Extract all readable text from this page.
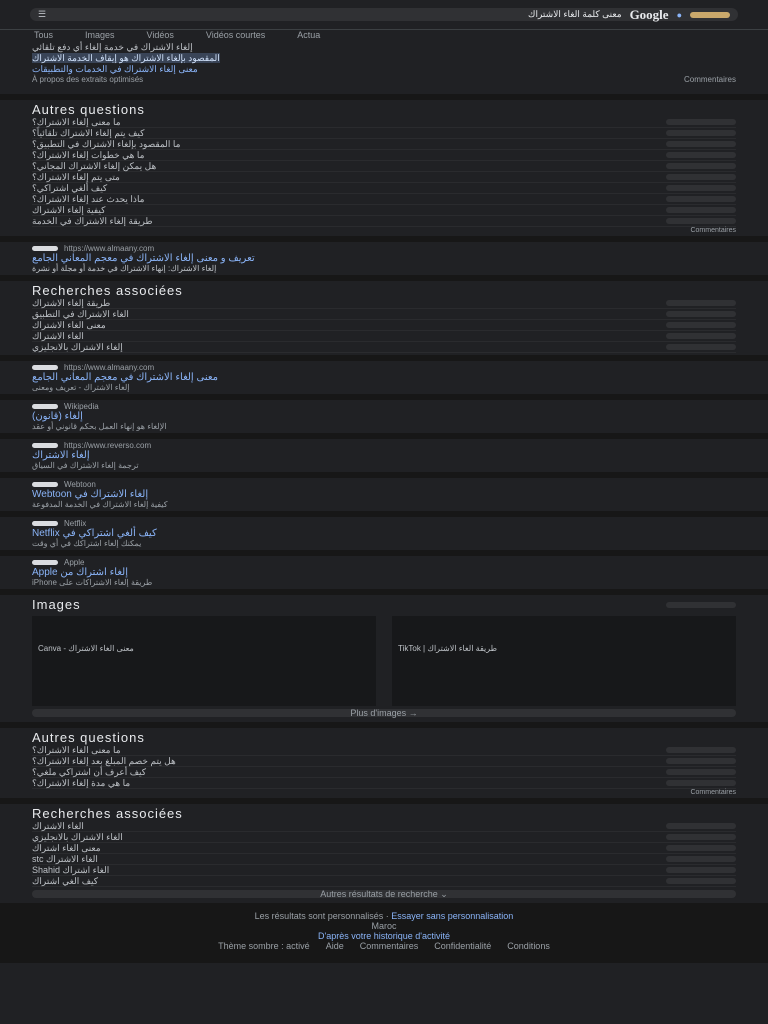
☰	معنى كلمة الغاء الاشتراك Google ●
Tous	Images	Vidéos	Vidéos courtes	Actua
إلغاء الاشتراك في خدمة إلغاء أي دفع تلقائي
المقصود بإلغاء الاشتراك هو إيقاف الخدمة الاشتراك
معنى إلغاء الاشتراك في الخدمات والتطبيقات
À propos des extraits optimisés	Commentaires
Autres questions
ما معنى إلغاء الاشتراك؟
كيف يتم إلغاء الاشتراك تلقائياً؟
ما المقصود بإلغاء الاشتراك في التطبيق؟
ما هي خطوات إلغاء الاشتراك؟
هل يمكن إلغاء الاشتراك المجاني؟
متى يتم إلغاء الاشتراك؟
كيف ألغي اشتراكي؟
ماذا يحدث عند إلغاء الاشتراك؟
كيفية إلغاء الاشتراك
طريقة إلغاء الاشتراك في الخدمة
Commentaires
https://www.almaany.com
تعريف و معنى إلغاء الاشتراك في معجم المعاني الجامع
إلغاء الاشتراك: إنهاء الاشتراك في خدمة أو مجلة أو نشرة
Recherches associées
طريقة إلغاء الاشتراك
الغاء الاشتراك في التطبيق
معنى الغاء الاشتراك
الغاء الاشتراك
إلغاء الاشتراك بالانجليزي
https://www.almaany.com
معنى إلغاء الاشتراك في معجم المعاني الجامع
إلغاء الاشتراك - تعريف ومعنى
Wikipedia
إلغاء (قانون)
الإلغاء هو إنهاء العمل بحكم قانوني أو عقد
https://www.reverso.com
إلغاء الاشتراك
ترجمة إلغاء الاشتراك في السياق
Webtoon
إلغاء الاشتراك في Webtoon
كيفية إلغاء الاشتراك في الخدمة المدفوعة
Netflix
كيف ألغي اشتراكي في Netflix
يمكنك إلغاء اشتراكك في أي وقت
Apple
إلغاء اشتراك من Apple
طريقة إلغاء الاشتراكات على iPhone
Images
معنى الغاء الاشتراك - Canva	طريقة الغاء الاشتراك | TikTok
Plus d'images →
Autres questions
ما معنى الغاء الاشتراك؟
هل يتم خصم المبلغ بعد إلغاء الاشتراك؟
كيف أعرف أن اشتراكي ملغي؟
ما هي مدة إلغاء الاشتراك؟
Commentaires
Recherches associées
الغاء الاشتراك
الغاء الاشتراك بالانجليزي
معنى الغاء اشتراك
الغاء الاشتراك stc
الغاء اشتراك Shahid
كيف الغي اشتراك
Autres résultats de recherche ⌄
Les résultats sont personnalisés · Essayer sans personnalisation
Maroc
D'après votre historique d'activité
Thème sombre : activé Aide Commentaires Confidentialité Conditions
